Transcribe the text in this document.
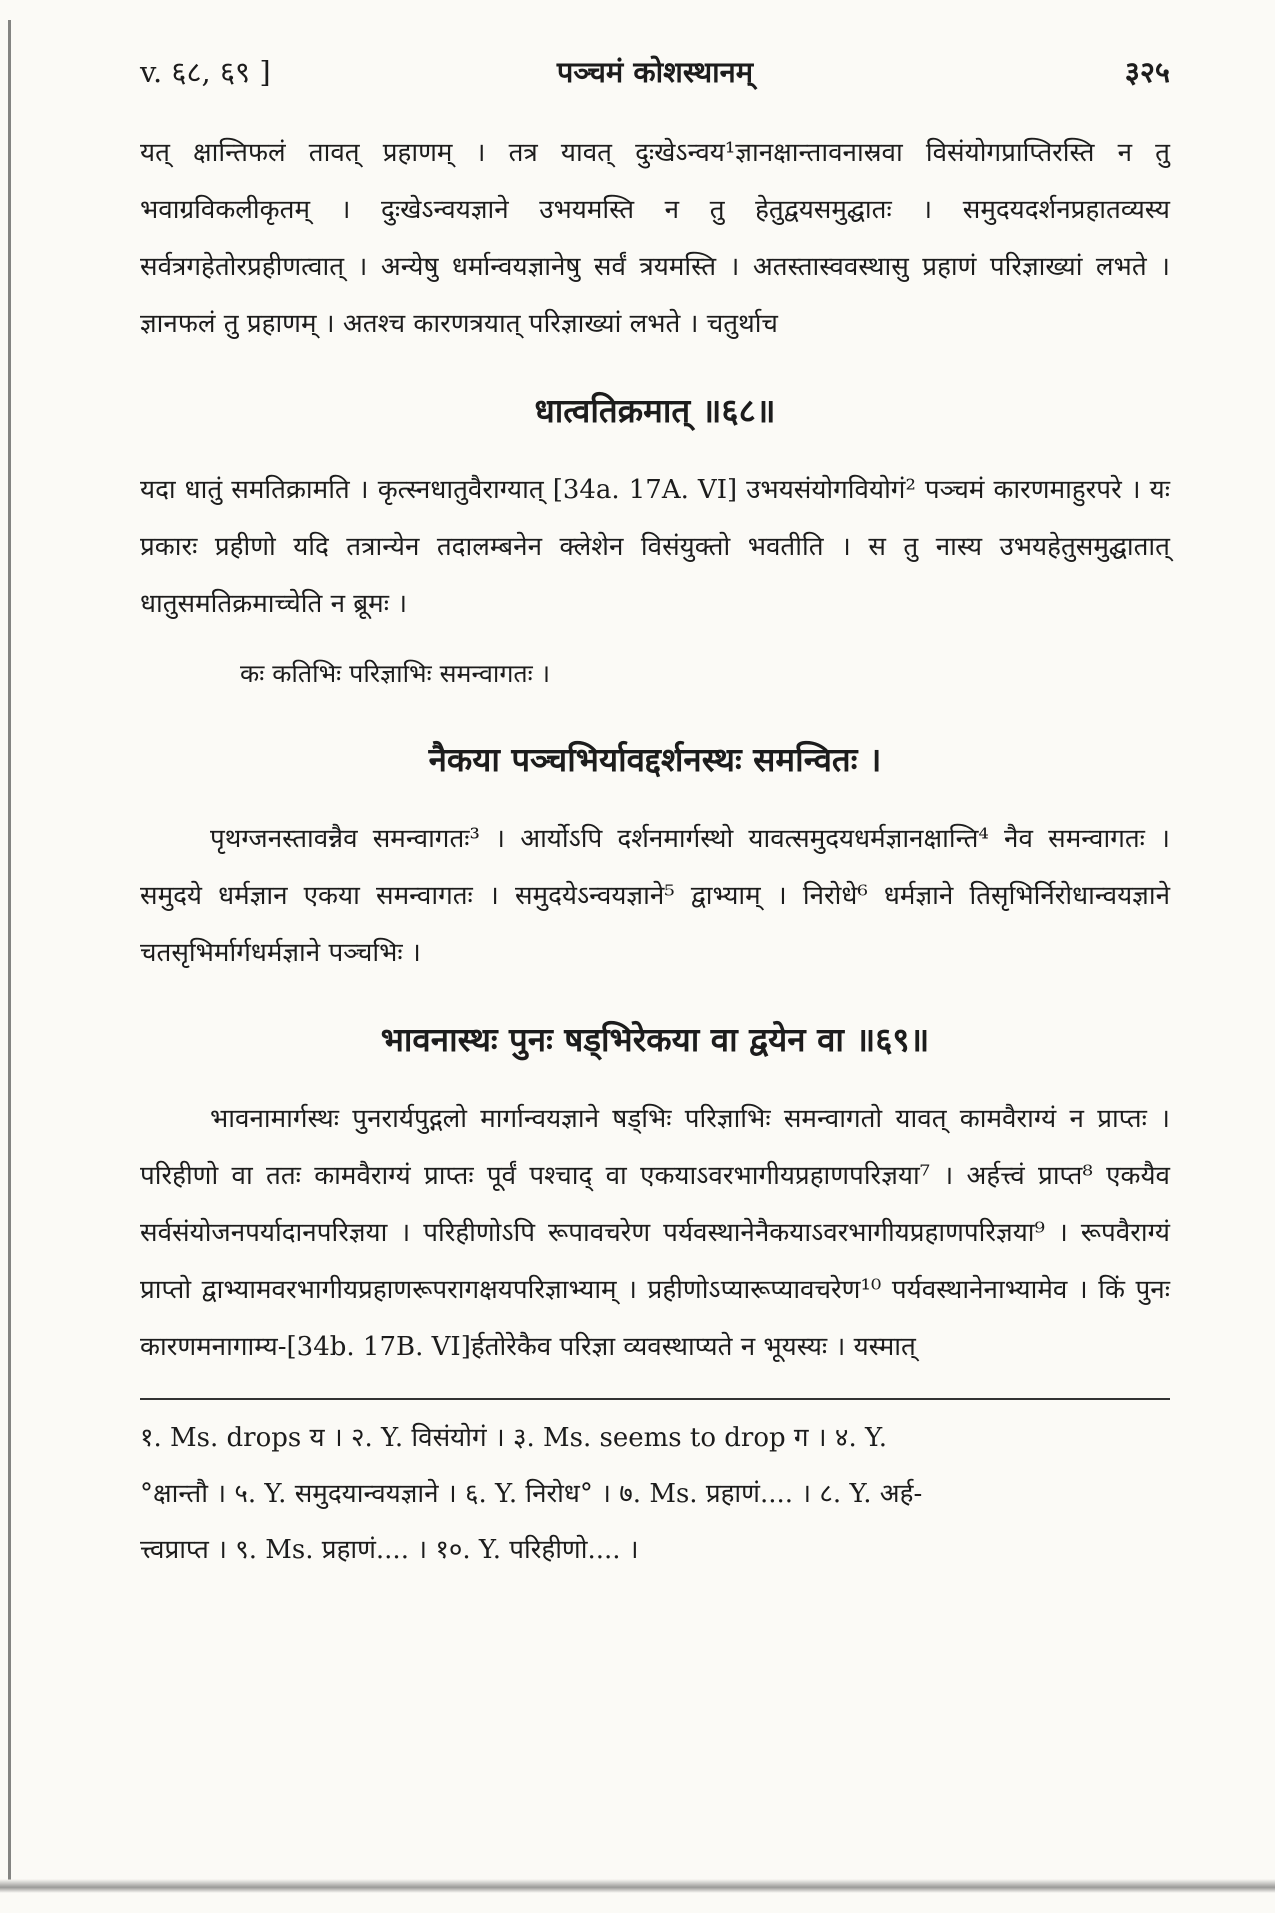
v. ६८, ६९ ]	पञ्चमं कोशस्थानम्	३२५

यत् क्षान्तिफलं तावत् प्रहाणम् । तत्र यावत् दुःखेऽन्वय¹ज्ञानक्षान्तावनास्रवा विसंयोगप्राप्तिरस्ति न तु भवाग्रविकलीकृतम् । दुःखेऽन्वयज्ञाने उभयमस्ति न तु हेतुद्वयसमुद्घातः । समुदयदर्शनप्रहातव्यस्य सर्वत्रगहेतोरप्रहीणत्वात् । अन्येषु धर्मान्वयज्ञानेषु सर्वं त्रयमस्ति । अतस्तास्ववस्थासु प्रहाणं परिज्ञाख्यां लभते । ज्ञानफलं तु प्रहाणम् । अतश्च कारणत्रयात् परिज्ञाख्यां लभते । चतुर्थाच

धात्वतिक्रमात् ॥६८॥

यदा धातुं समतिक्रामति । कृत्स्नधातुवैराग्यात् [34a. 17A. VI] उभयसंयोगवियोगं² पञ्चमं कारणमाहुरपरे । यः प्रकारः प्रहीणो यदि तत्रान्येन तदालम्बनेन क्लेशेन विसंयुक्तो भवतीति । स तु नास्य उभयहेतुसमुद्घातात् धातुसमतिक्रमाच्चेति न ब्रूमः ।

कः कतिभिः परिज्ञाभिः समन्वागतः ।

नैकया पञ्चभिर्यावद्दर्शनस्थः समन्वितः ।

पृथग्जनस्तावन्नैव समन्वागतः³ । आर्योऽपि दर्शनमार्गस्थो यावत्समुदयधर्मज्ञानक्षान्ति⁴ नैव समन्वागतः । समुदये धर्मज्ञान एकया समन्वागतः । समुदयेऽन्वयज्ञाने⁵ द्वाभ्याम् । निरोधे⁶ धर्मज्ञाने तिसृभिर्निरोधान्वयज्ञाने चतसृभिर्मार्गधर्मज्ञाने पञ्चभिः ।

भावनास्थः पुनः षड्भिरेकया वा द्वयेन वा ॥६९॥

भावनामार्गस्थः पुनरार्यपुद्गलो मार्गान्वयज्ञाने षड्भिः परिज्ञाभिः समन्वागतो यावत् कामवैराग्यं न प्राप्तः । परिहीणो वा ततः कामवैराग्यं प्राप्तः पूर्वं पश्चाद् वा एकयाऽवरभागीयप्रहाणपरिज्ञया⁷ । अर्हत्त्वं प्राप्त⁸ एकयैव सर्वसंयोजनपर्यादानपरिज्ञया । परिहीणोऽपि रूपावचरेण पर्यवस्थानेनैकयाऽवरभागीयप्रहाणपरिज्ञया⁹ । रूपवैराग्यं प्राप्तो द्वाभ्यामवरभागीयप्रहाणरूपरागक्षयपरिज्ञाभ्याम् । प्रहीणोऽप्यारूप्यावचरेण¹⁰ पर्यवस्थानेनाभ्यामेव । किं पुनः कारणमनागाम्य-[34b. 17B. VI]र्हतोरेकैव परिज्ञा व्यवस्थाप्यते न भूयस्यः । यस्मात्

१. Ms. drops य । २. Y. विसंयोगं । ३. Ms. seems to drop ग । ४. Y.
°क्षान्तौ । ५. Y. समुदयान्वयज्ञाने । ६. Y. निरोध° । ७. Ms. प्रहाणं.... । ८. Y. अर्ह-
त्त्वप्राप्त । ९. Ms. प्रहाणं.... । १०. Y. परिहीणो.... ।
